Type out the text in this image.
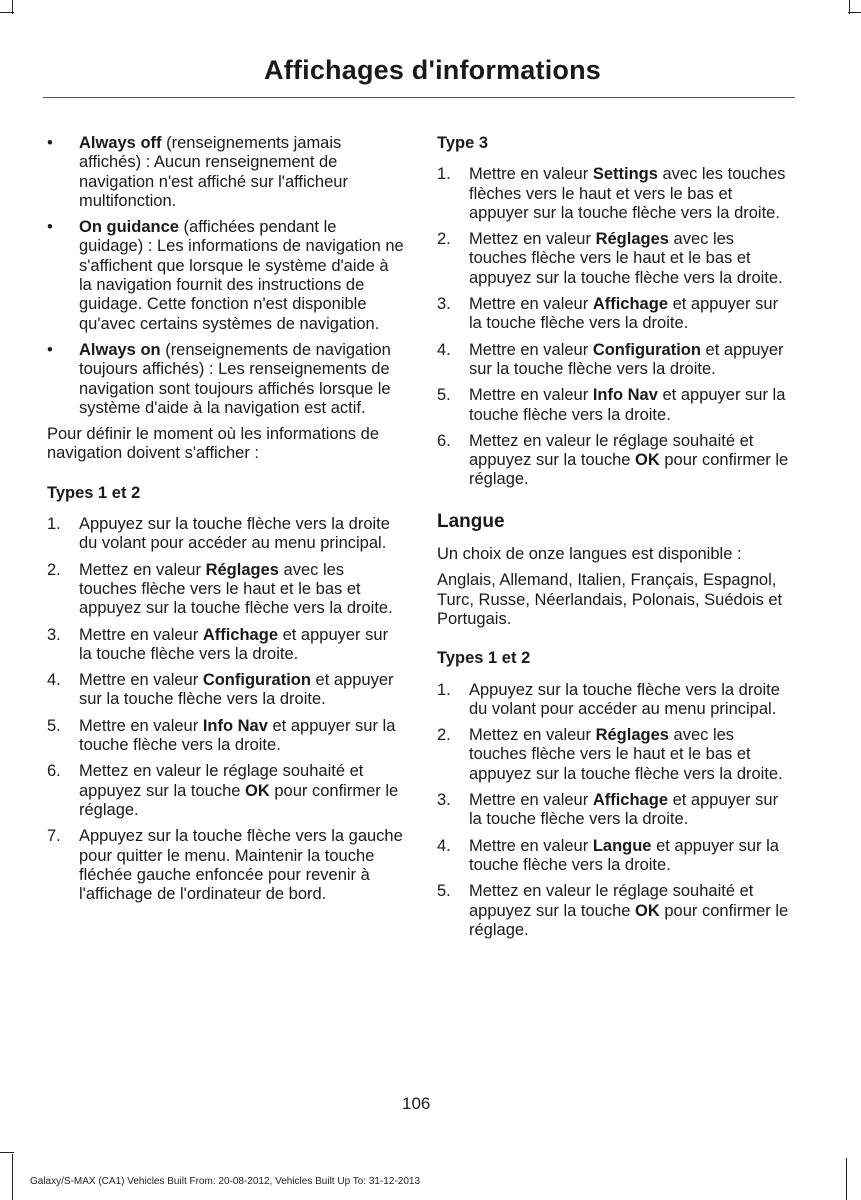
Affichages d'informations
• Always off (renseignements jamais affichés) : Aucun renseignement de navigation n'est affiché sur l'afficheur multifonction.
• On guidance (affichées pendant le guidage) : Les informations de navigation ne s'affichent que lorsque le système d'aide à la navigation fournit des instructions de guidage. Cette fonction n'est disponible qu'avec certains systèmes de navigation.
• Always on (renseignements de navigation toujours affichés) : Les renseignements de navigation sont toujours affichés lorsque le système d'aide à la navigation est actif.

Pour définir le moment où les informations de navigation doivent s'afficher :

Types 1 et 2
1. Appuyez sur la touche flèche vers la droite du volant pour accéder au menu principal.
2. Mettez en valeur Réglages avec les touches flèche vers le haut et le bas et appuyez sur la touche flèche vers la droite.
3. Mettre en valeur Affichage et appuyer sur la touche flèche vers la droite.
4. Mettre en valeur Configuration et appuyer sur la touche flèche vers la droite.
5. Mettre en valeur Info Nav et appuyer sur la touche flèche vers la droite.
6. Mettez en valeur le réglage souhaité et appuyez sur la touche OK pour confirmer le réglage.
7. Appuyez sur la touche flèche vers la gauche pour quitter le menu. Maintenir la touche fléchée gauche enfoncée pour revenir à l'affichage de l'ordinateur de bord.
Type 3
1. Mettre en valeur Settings avec les touches flèches vers le haut et vers le bas et appuyer sur la touche flèche vers la droite.
2. Mettez en valeur Réglages avec les touches flèche vers le haut et le bas et appuyez sur la touche flèche vers la droite.
3. Mettre en valeur Affichage et appuyer sur la touche flèche vers la droite.
4. Mettre en valeur Configuration et appuyer sur la touche flèche vers la droite.
5. Mettre en valeur Info Nav et appuyer sur la touche flèche vers la droite.
6. Mettez en valeur le réglage souhaité et appuyez sur la touche OK pour confirmer le réglage.
Langue

Un choix de onze langues est disponible :

Anglais, Allemand, Italien, Français, Espagnol, Turc, Russe, Néerlandais, Polonais, Suédois et Portugais.

Types 1 et 2
1. Appuyez sur la touche flèche vers la droite du volant pour accéder au menu principal.
2. Mettez en valeur Réglages avec les touches flèche vers le haut et le bas et appuyez sur la touche flèche vers la droite.
3. Mettre en valeur Affichage et appuyer sur la touche flèche vers la droite.
4. Mettre en valeur Langue et appuyer sur la touche flèche vers la droite.
5. Mettez en valeur le réglage souhaité et appuyez sur la touche OK pour confirmer le réglage.
106
Galaxy/S-MAX (CA1) Vehicles Built From: 20-08-2012, Vehicles Built Up To: 31-12-2013
